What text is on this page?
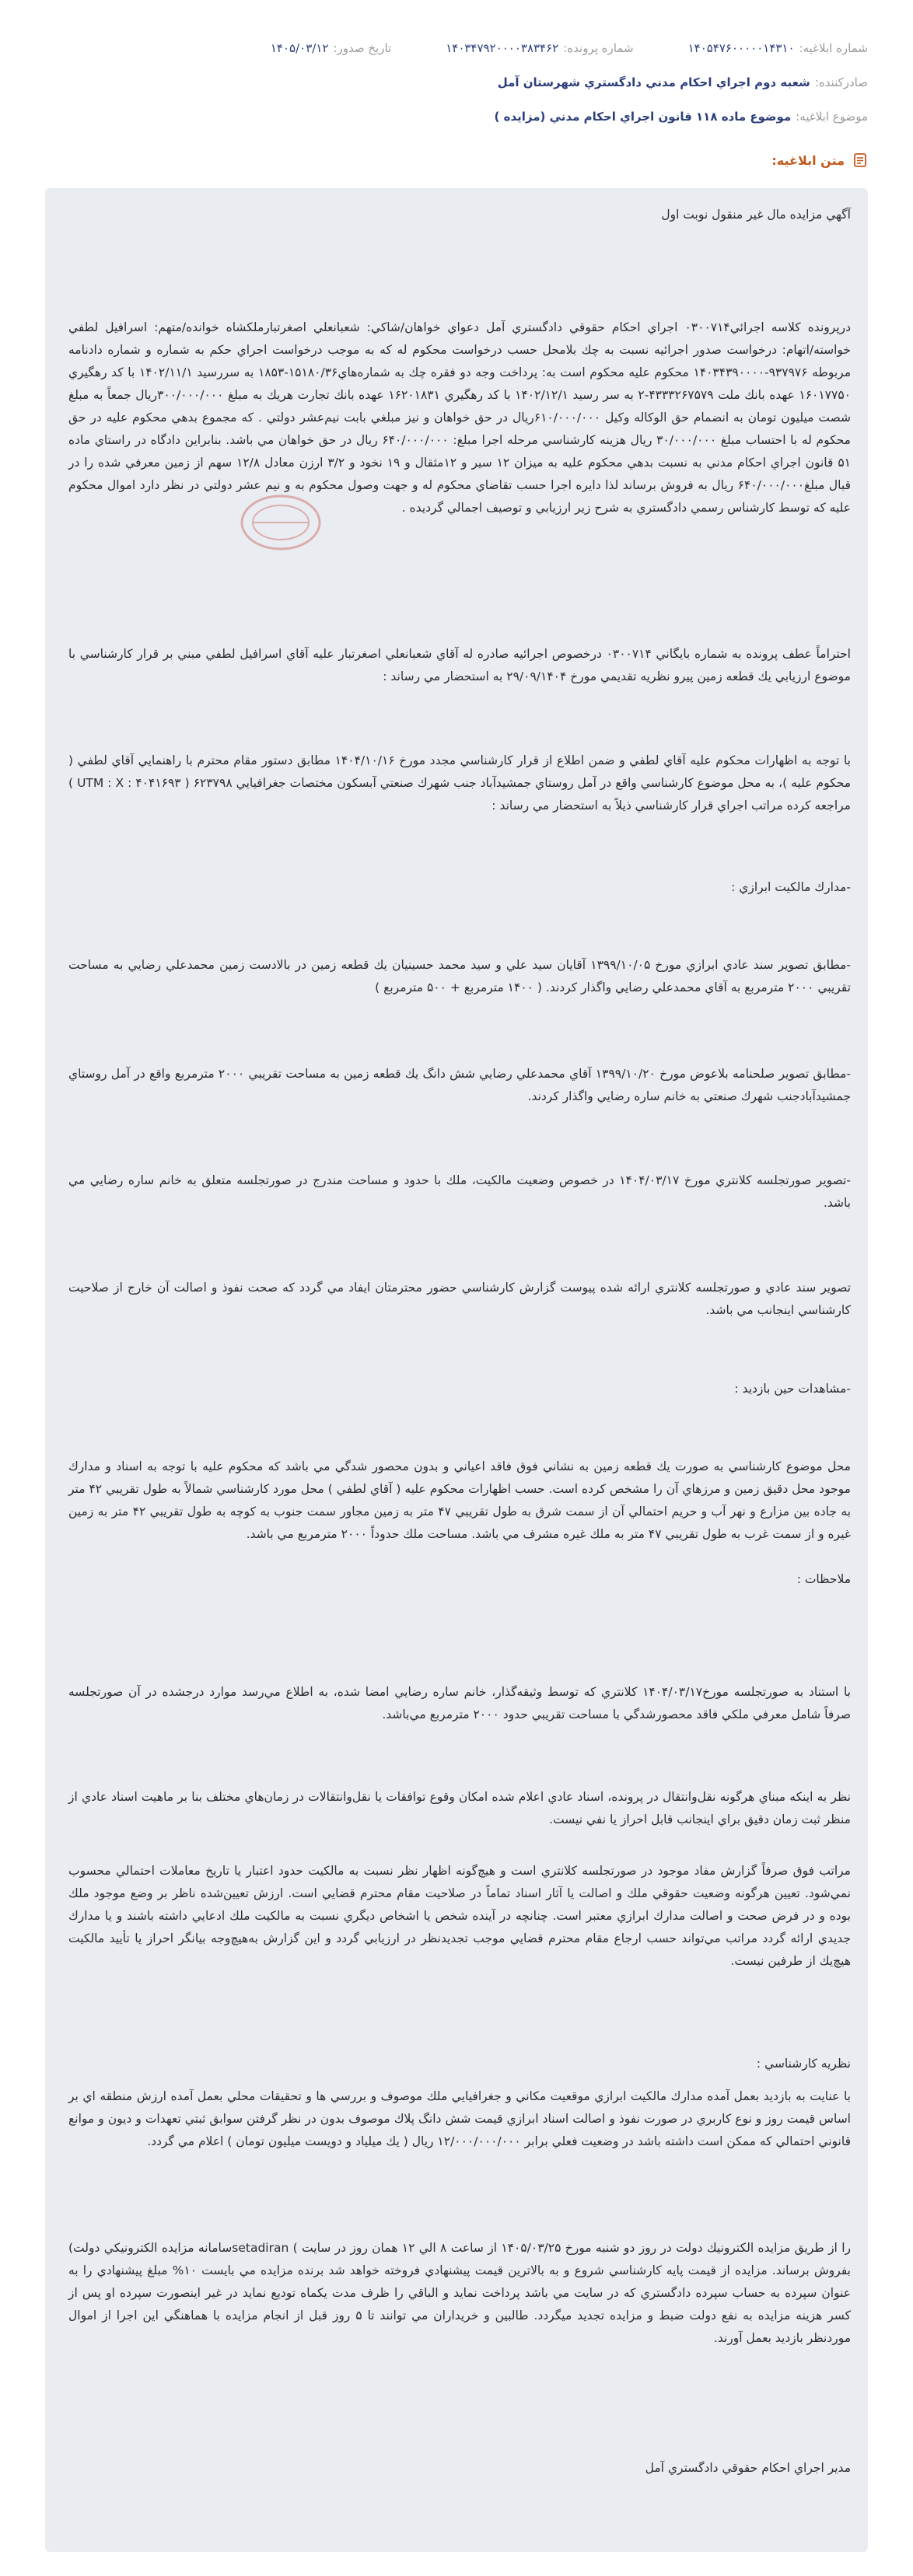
شماره ابلاغيه:
۱۴۰۵۴۷۶۰۰۰۰۰۱۴۳۱۰
شماره پرونده:
۱۴۰۳۴۷۹۲۰۰۰۰۳۸۳۴۶۲
تاريخ صدور:
۱۴۰۵/۰۳/۱۲
صادرکننده:
شعبه دوم اجراي احکام مدني دادگستري شهرستان آمل
موضوع ابلاغيه:
موضوع ماده ۱۱۸ قانون اجراي احکام مدني (مزايده )
متن ابلاغيه:

آگهي مزايده مال غير منقول نوبت اول

درپرونده كلاسه اجرائي۰۳۰۰۷۱۴ اجراي احکام حقوقي دادگستري آمل دعواي خواهان/شاکي: شعبانعلي اصغرتبارملکشاه خوانده/متهم: اسرافيل لطفي خواسته/اتهام: درخواست صدور اجرائيه نسبت به چك بلامحل حسب درخواست محکوم له كه به موجب درخواست اجراي حكم به شماره و شماره دادنامه مربوطه ۹۳۷۹۷۶-۱۴۰۳۴۳۹۰۰۰۰ محکوم عليه محکوم است به: پرداخت وجه دو فقره چك به شماره‌هاي۱۵۱۸۰/۳۶-۱۸۵۳ به سررسيد ۱۴۰۲/۱۱/۱ با كد رهگيري ۱۶۰۱۷۷۵۰ عهده بانك ملت ۴۳۳۳۲۶۷۵۷۹-۲ به سر رسيد ۱۴۰۲/۱۲/۱ با كد رهگيري ۱۶۲۰۱۸۳۱ عهده بانك تجارت هريك به مبلغ ۳۰۰/۰۰۰/۰۰۰ريال جمعاً به مبلغ شصت ميليون تومان به انضمام حق الوکاله وکيل ۶۱۰/۰۰۰/۰۰۰ريال در حق خواهان و نيز مبلغي بابت نيم‌عشر دولتي . كه مجموع بدهي محکوم عليه در حق محکوم له با احتساب مبلغ ۳۰/۰۰۰/۰۰۰ ريال هزينه كارشناسي مرحله اجرا مبلغ: ۶۴۰/۰۰۰/۰۰۰ ريال در حق خواهان مي باشد. بنابراين دادگاه در راستاي ماده ۵۱ قانون اجراي احكام مدني به نسبت بدهي محكوم عليه به ميزان ۱۲ سير و ۱۲مثقال و ۱۹ نخود و ۳/۲ ارزن معادل ۱۲/۸ سهم از زمين معرفي شده را در قبال مبلغ۶۴۰/۰۰۰/۰۰۰ ريال به فروش برساند لذا دايره اجرا حسب تقاضاي محکوم له و جهت وصول محكوم به و نيم عشر دولتي در نظر دارد اموال محکوم عليه که توسط کارشناس رسمي دادگستري به شرح زير ارزيابي و توصيف اجمالي گرديده .

احتراماً عطف پرونده به شماره بايگاني ۰۳۰۰۷۱۴ درخصوص اجرائيه صادره له آقاي شعبانعلي اصغرتبار عليه آقاي اسرافيل لطفي مبني بر قرار كارشناسي با موضوع ارزيابي يك قطعه زمين پيرو نظريه تقديمي مورخ ۲۹/۰۹/۱۴۰۴ به استحضار مي رساند :

با توجه به اظهارات محكوم عليه آقاي لطفي و ضمن اطلاع از قرار كارشناسي مجدد مورخ ۱۴۰۴/۱۰/۱۶ مطابق دستور مقام محترم با راهنمايي آقاي لطفي ( محكوم عليه )، به محل موضوع كارشناسي واقع در آمل روستاي جمشيدآباد جنب شهرك صنعتي آبسكون مختصات جغرافيايي ۶۲۳۷۹۸ ( UTM : X : ۴۰۴۱۶۹۳ ) مراجعه كرده مراتب اجراي قرار كارشناسي ذيلاً به استحضار مي رساند :

-مدارك مالكيت ابرازي :

-مطابق تصوير سند عادي ابرازي مورخ ۱۳۹۹/۱۰/۰۵ آقايان سيد علي و سيد محمد حسينيان يك قطعه زمين در بالادست زمين محمدعلي رضايي به مساحت تقريبي ۲۰۰۰ مترمربع به آقاي محمدعلي رضايي واگذار كردند. ( ۱۴۰۰ مترمربع + ۵۰۰ مترمربع )

-مطابق تصوير صلحنامه بلاعوض مورخ ۱۳۹۹/۱۰/۲۰ آقاي محمدعلي رضايي شش دانگ يك قطعه زمين به مساحت تقريبي ۲۰۰۰ مترمربع واقع در آمل روستاي جمشيدآبادجنب شهرك صنعتي به خانم ساره رضايي واگذار كردند.

-تصوير صورتجلسه كلانتري مورخ ۱۴۰۴/۰۳/۱۷ در خصوص وضعيت مالكيت، ملك با حدود و مساحت مندرج در صورتجلسه متعلق به خانم ساره رضايي مي باشد.

تصوير سند عادي و صورتجلسه كلانتري ارائه شده پيوست گزارش كارشناسي حضور محترمتان ايفاد مي گردد كه صحت نفوذ و اصالت آن خارج از صلاحيت كارشناسي اينجانب مي باشد.

-مشاهدات حين بازديد :

محل موضوع كارشناسي به صورت يك قطعه زمين به نشاني فوق فاقد اعياني و بدون محصور شدگي مي باشد كه محكوم عليه با توجه به اسناد و مدارك موجود محل دقيق زمين و مرزهاي آن را مشخص كرده است. حسب اظهارات محكوم عليه ( آقاي لطفي ) محل مورد كارشناسي شمالاً به طول تقريبي ۴۲ متر به جاده بين مزارع و نهر آب و حريم احتمالي آن از سمت شرق به طول تقريبي ۴۷ متر به زمين مجاور سمت جنوب به كوچه به طول تقريبي ۴۲ متر به زمين غيره و از سمت غرب به طول تقريبي ۴۷ متر به ملك غيره مشرف مي باشد. مساحت ملك حدوداً ۲۰۰۰ مترمربع مي باشد.

ملاحظات :

با استناد به صورتجلسه مورخ۱۴۰۴/۰۳/۱۷ كلانتري كه توسط وثيقه‌گذار، خانم ساره رضايي امضا شده، به اطلاع مي‌رسد موارد درجشده در آن صورتجلسه صرفاً شامل معرفي ملكي فاقد محصورشدگي با مساحت تقريبي حدود ۲۰۰۰ مترمربع مي‌باشد.

نظر به اينكه مبناي هرگونه نقل‌وانتقال در پرونده، اسناد عادي اعلام شده امكان وقوع توافقات يا نقل‌وانتقالات در زمان‌هاي مختلف بنا بر ماهيت اسناد عادي از منظر ثبت زمان دقيق براي اينجانب قابل احراز يا نفي نيست.

مراتب فوق صرفاً گزارش مفاد موجود در صورتجلسه كلانتري است و هيچ‌گونه اظهار نظر نسبت به مالكيت حدود اعتبار يا تاريخ معاملات احتمالي محسوب نمي‌شود. تعيين هرگونه وضعيت حقوقي ملك و اصالت يا آثار اسناد تماماً در صلاحيت مقام محترم قضايي است. ارزش تعيين‌شده ناظر بر وضع موجود ملك بوده و در فرض صحت و اصالت مدارك ابرازي معتبر است. چنانچه در آينده شخص يا اشخاص ديگري نسبت به مالكيت ملك ادعايي داشته باشند و يا مدارك جديدي ارائه گردد مراتب مي‌تواند حسب ارجاع مقام محترم قضايي موجب تجديدنظر در ارزيابي گردد و اين گزارش به‌هيچ‌وجه بيانگر احراز يا تأييد مالكيت هيچ‌يك از طرفين نيست.

نظريه كارشناسي :

با عنايت به بازديد بعمل آمده مدارك مالكيت ابرازي موقعيت مكاني و جغرافيايي ملك موصوف و بررسي ها و تحقيقات محلي بعمل آمده ارزش منطقه اي بر اساس قيمت روز و نوع كاربري در صورت نفوذ و اصالت اسناد ابرازي قيمت شش دانگ پلاك موصوف بدون در نظر گرفتن سوابق ثبتي تعهدات و ديون و موانع قانوني احتمالي كه ممكن است داشته باشد در وضعيت فعلي برابر ۱۲/۰۰۰/۰۰۰/۰۰۰ ريال ( يك ميلياد و دويست ميليون تومان ) اعلام مي گردد.

را از طريق مزايده الكترونيك دولت در روز دو شنبه مورخ ۱۴۰۵/۰۳/۲۵ از ساعت ۸ الي ۱۲ همان روز در سايت ) setadiranسامانه مزايده الكترونيكي دولت) بفروش برساند. مزايده از قيمت پايه كارشناسي شروع و به بالاترين قيمت پيشنهادي فروخته خواهد شد برنده مزايده مي بايست ۱۰% مبلغ پيشنهادي را به عنوان سپرده به حساب سپرده دادگستري كه در سايت مي باشد پرداخت نمايد و الباقي را ظرف مدت يكماه توديع نمايد در غير اينصورت سپرده او پس از كسر هزينه مزايده به نفع دولت ضبط و مزايده تجديد ميگردد. طالبين و خريداران مي توانند تا ۵ روز قبل از انجام مزايده با هماهنگي اين اجرا از اموال موردنظر بازديد بعمل آورند.

مدير اجراي احکام حقوقي دادگستري آمل
